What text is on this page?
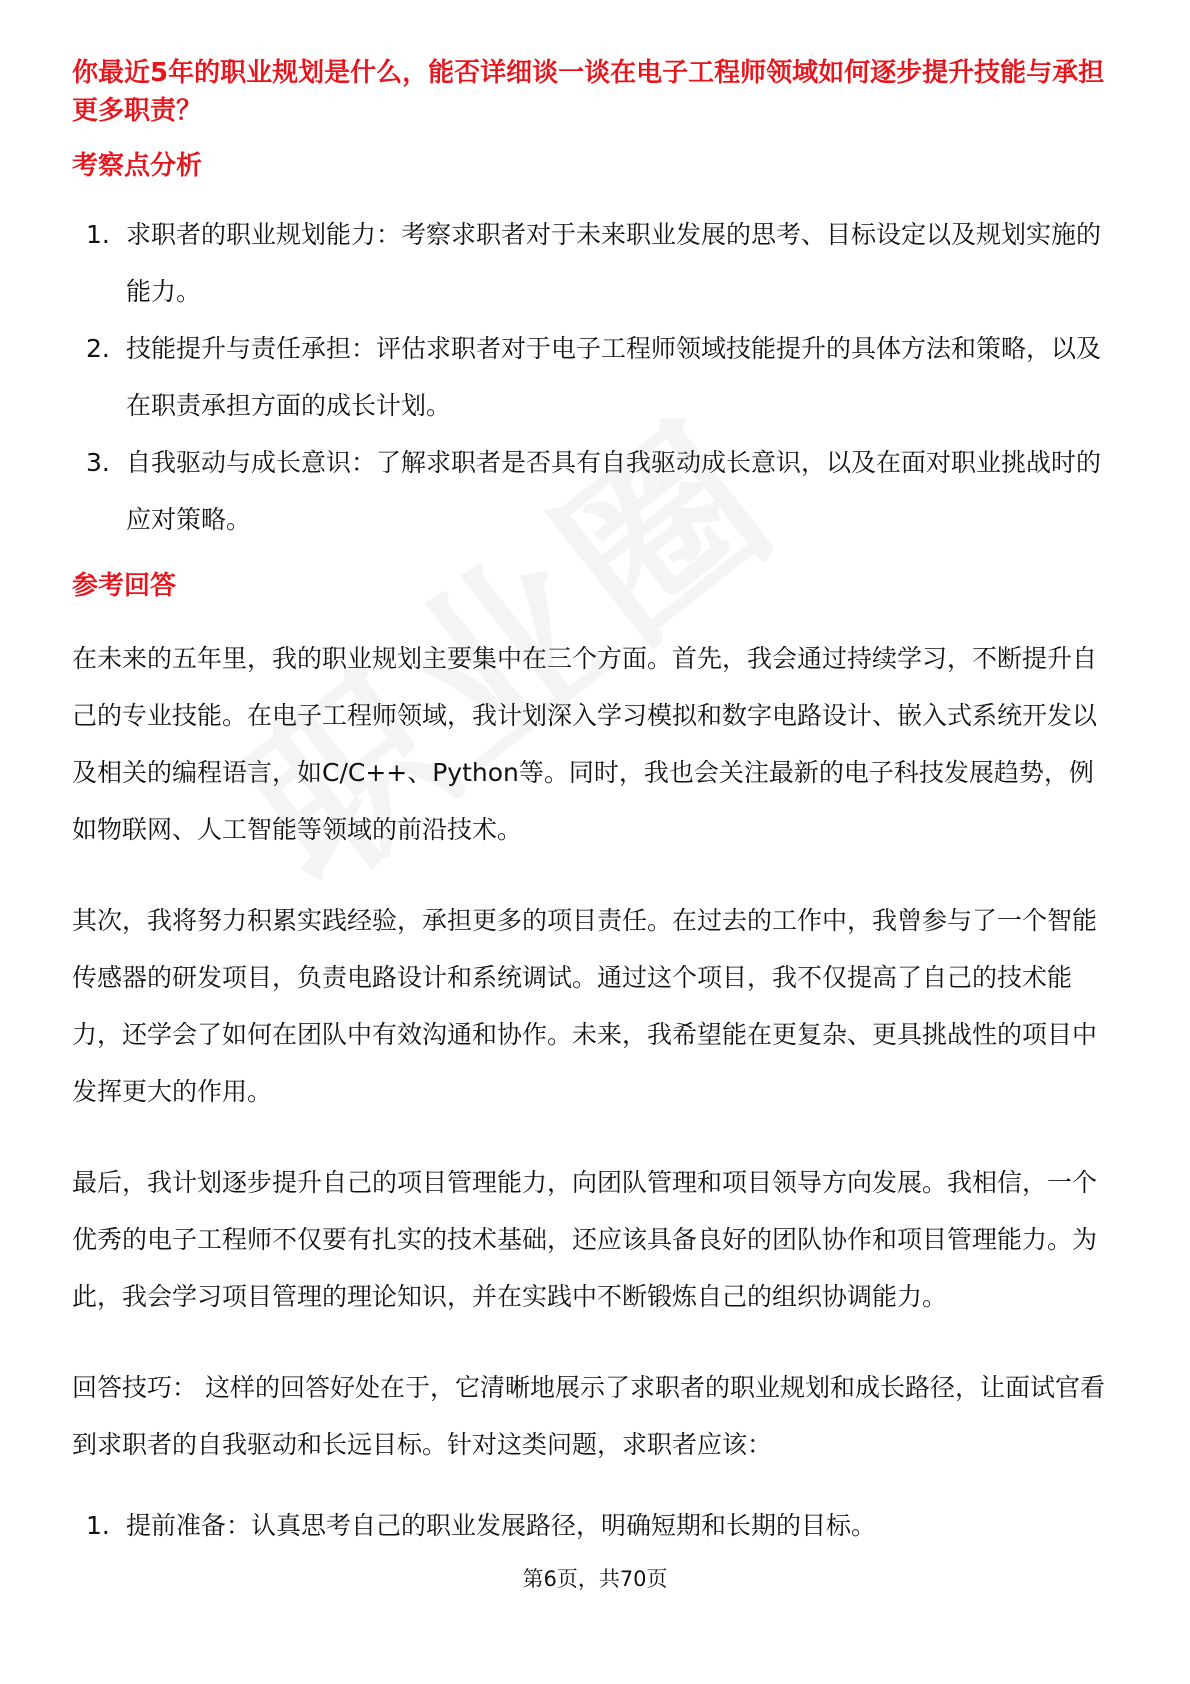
你最近5年的职业规划是什么，能否详细谈一谈在电子工程师领域如何逐步提升技能与承担更多职责？

考察点分析
1. 求职者的职业规划能力：考察求职者对于未来职业发展的思考、目标设定以及规划实施的能力。
2. 技能提升与责任承担：评估求职者对于电子工程师领域技能提升的具体方法和策略，以及在职责承担方面的成长计划。
3. 自我驱动与成长意识：了解求职者是否具有自我驱动成长意识，以及在面对职业挑战时的应对策略。
参考回答

在未来的五年里，我的职业规划主要集中在三个方面。首先，我会通过持续学习，不断提升自己的专业技能。在电子工程师领域，我计划深入学习模拟和数字电路设计、嵌入式系统开发以及相关的编程语言，如C/C++、Python等。同时，我也会关注最新的电子科技发展趋势，例如物联网、人工智能等领域的前沿技术。

其次，我将努力积累实践经验，承担更多的项目责任。在过去的工作中，我曾参与了一个智能传感器的研发项目，负责电路设计和系统调试。通过这个项目，我不仅提高了自己的技术能力，还学会了如何在团队中有效沟通和协作。未来，我希望能在更复杂、更具挑战性的项目中发挥更大的作用。

最后，我计划逐步提升自己的项目管理能力，向团队管理和项目领导方向发展。我相信，一个优秀的电子工程师不仅要有扎实的技术基础，还应该具备良好的团队协作和项目管理能力。为此，我会学习项目管理的理论知识，并在实践中不断锻炼自己的组织协调能力。

回答技巧： 这样的回答好处在于，它清晰地展示了求职者的职业规划和成长路径，让面试官看到求职者的自我驱动和长远目标。针对这类问题，求职者应该：

1. 提前准备：认真思考自己的职业发展路径，明确短期和长期的目标。
第6页，共70页
